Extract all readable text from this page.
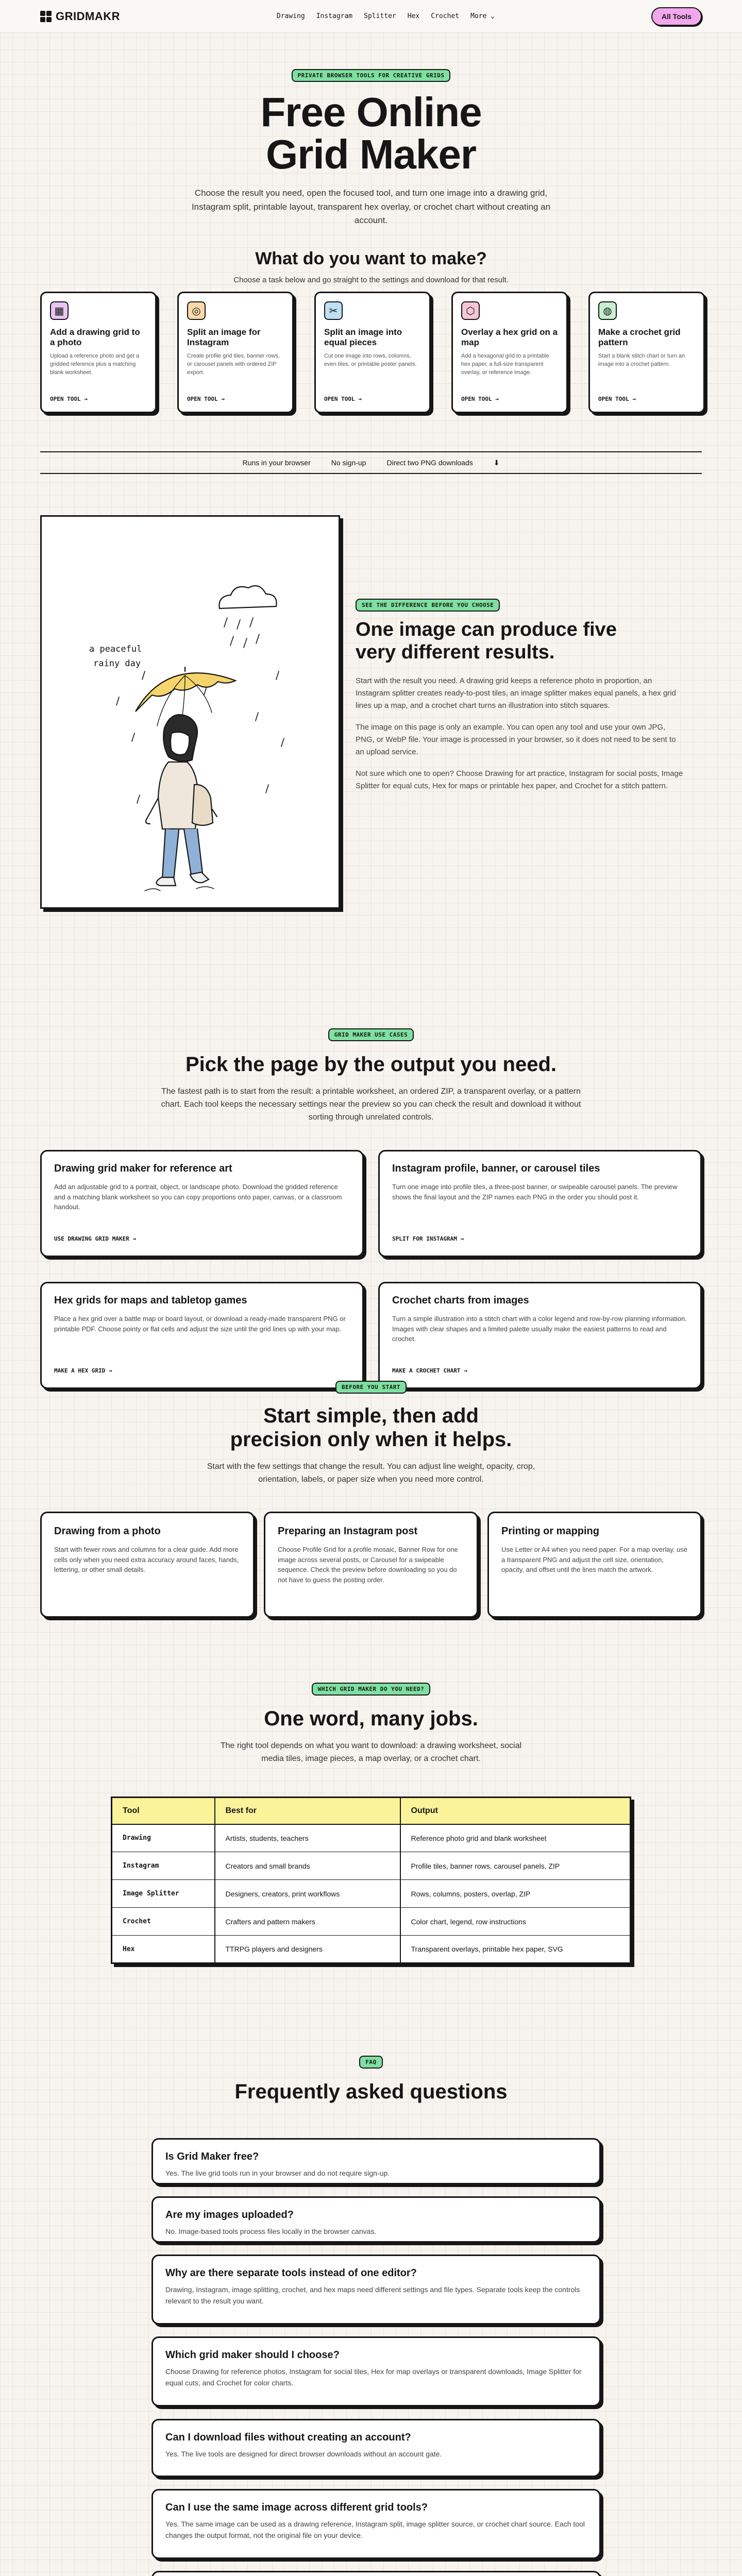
GRIDMAKR	Drawing Instagram Splitter Hex Crochet More ⌄	All Tools
PRIVATE BROWSER TOOLS FOR CREATIVE GRIDS
Free Online
Grid Maker

Choose the result you need, open the focused tool, and turn one image into a drawing grid, Instagram split, printable layout, transparent hex overlay, or crochet chart without creating an account.

What do you want to make?

Choose a task below and go straight to the settings and download for that result.

▦
Add a drawing grid to a photo

Upload a reference photo and get a gridded reference plus a matching blank worksheet.

OPEN TOOL →
◎
Split an image for Instagram

Create profile grid tiles, banner rows, or carousel panels with ordered ZIP export.

OPEN TOOL →
✂
Split an image into equal pieces

Cut one image into rows, columns, even tiles, or printable poster panels.

OPEN TOOL →
⬡
Overlay a hex grid on a map

Add a hexagonal grid to a printable hex paper, a full-size transparent overlay, or reference image.

OPEN TOOL →
◍
Make a crochet grid pattern

Start a blank stitch chart or turn an image into a crochet pattern.

OPEN TOOL →
Runs in your browser	No sign-up	Direct two PNG downloads	⬇
a peaceful
rainy day
SEE THE DIFFERENCE BEFORE YOU CHOOSE
One image can produce five very different results.

Start with the result you need. A drawing grid keeps a reference photo in proportion, an Instagram splitter creates ready-to-post tiles, an image splitter makes equal panels, a hex grid lines up a map, and a crochet chart turns an illustration into stitch squares.

The image on this page is only an example. You can open any tool and use your own JPG, PNG, or WebP file. Your image is processed in your browser, so it does not need to be sent to an upload service.

Not sure which one to open? Choose Drawing for art practice, Instagram for social posts, Image Splitter for equal cuts, Hex for maps or printable hex paper, and Crochet for a stitch pattern.

GRID MAKER USE CASES
Pick the page by the output you need.

The fastest path is to start from the result: a printable worksheet, an ordered ZIP, a transparent overlay, or a pattern chart. Each tool keeps the necessary settings near the preview so you can check the result and download it without sorting through unrelated controls.

Drawing grid maker for reference art

Add an adjustable grid to a portrait, object, or landscape photo. Download the gridded reference and a matching blank worksheet so you can copy proportions onto paper, canvas, or a classroom handout.

USE DRAWING GRID MAKER →
Instagram profile, banner, or carousel tiles

Turn one image into profile tiles, a three-post banner, or swipeable carousel panels. The preview shows the final layout and the ZIP names each PNG in the order you should post it.

SPLIT FOR INSTAGRAM →
Hex grids for maps and tabletop games

Place a hex grid over a battle map or board layout, or download a ready-made transparent PNG or printable PDF. Choose pointy or flat cells and adjust the size until the grid lines up with your map.

MAKE A HEX GRID →
Crochet charts from images

Turn a simple illustration into a stitch chart with a color legend and row-by-row planning information. Images with clear shapes and a limited palette usually make the easiest patterns to read and crochet.

MAKE A CROCHET CHART →
BEFORE YOU START
Start simple, then add precision only when it helps.

Start with the few settings that change the result. You can adjust line weight, opacity, crop, orientation, labels, or paper size when you need more control.

Drawing from a photo

Start with fewer rows and columns for a clear guide. Add more cells only when you need extra accuracy around faces, hands, lettering, or other small details.

Preparing an Instagram post

Choose Profile Grid for a profile mosaic, Banner Row for one image across several posts, or Carousel for a swipeable sequence. Check the preview before downloading so you do not have to guess the posting order.

Printing or mapping

Use Letter or A4 when you need paper. For a map overlay, use a transparent PNG and adjust the cell size, orientation, opacity, and offset until the lines match the artwork.

WHICH GRID MAKER DO YOU NEED?
One word, many jobs.

The right tool depends on what you want to download: a drawing worksheet, social media tiles, image pieces, a map overlay, or a crochet chart.

Tool	Best for	Output
Drawing	Artists, students, teachers	Reference photo grid and blank worksheet
Instagram	Creators and small brands	Profile tiles, banner rows, carousel panels, ZIP
Image Splitter	Designers, creators, print workflows	Rows, columns, posters, overlap, ZIP
Crochet	Crafters and pattern makers	Color chart, legend, row instructions
Hex	TTRPG players and designers	Transparent overlays, printable hex paper, SVG
FAQ
Frequently asked questions
Is Grid Maker free?

Yes. The live grid tools run in your browser and do not require sign-up.

Are my images uploaded?

No. Image-based tools process files locally in the browser canvas.

Why are there separate tools instead of one editor?

Drawing, Instagram, image splitting, crochet, and hex maps need different settings and file types. Separate tools keep the controls relevant to the result you want.

Which grid maker should I choose?

Choose Drawing for reference photos, Instagram for social tiles, Hex for map overlays or transparent downloads, Image Splitter for equal cuts, and Crochet for color charts.

Can I download files without creating an account?

Yes. The live tools are designed for direct browser downloads without an account gate.

Can I use the same image across different grid tools?

Yes. The same image can be used as a drawing reference, Instagram split, image splitter source, or crochet chart source. Each tool changes the output format, not the original file on your device.
